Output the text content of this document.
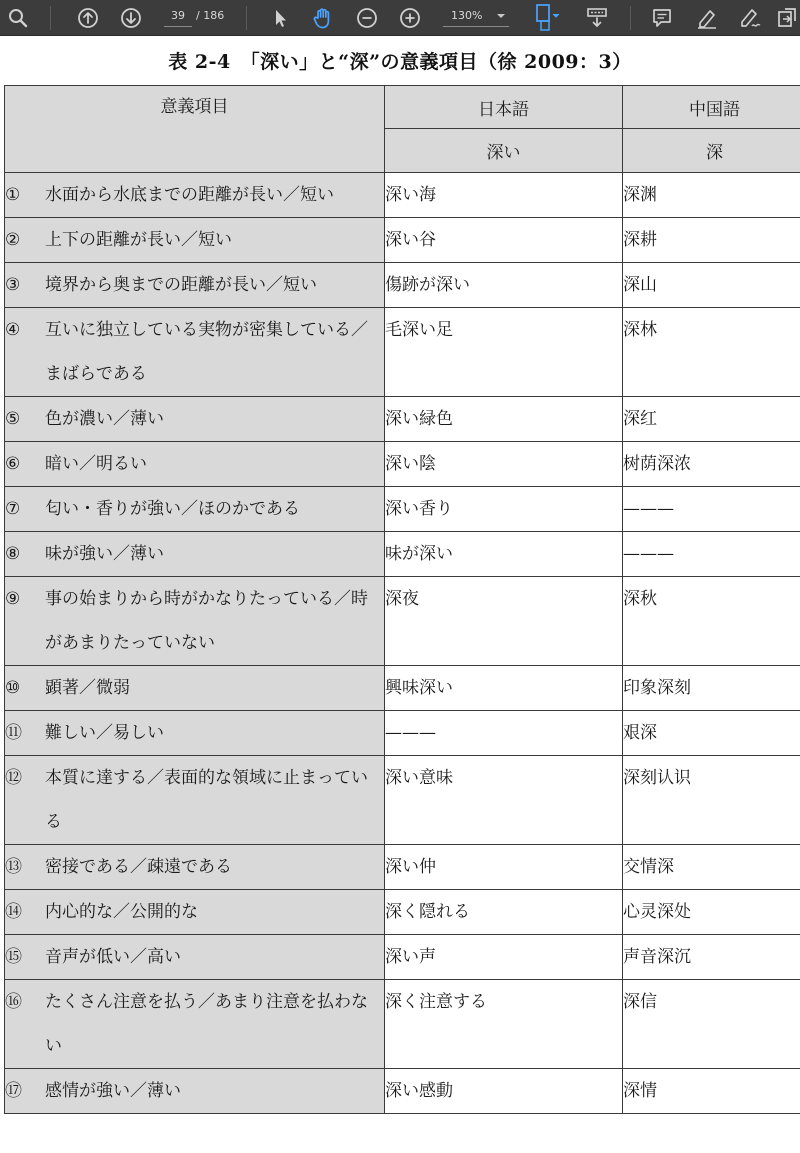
39	/ 186	130%
表 2-4　「深い」と“深”の意義項目（徐 2009：3）
意義項目	日本語	中国語
	深い	深

① 水面から水底までの距離が長い／短い	深い海	深渊

② 上下の距離が長い／短い	深い谷	深耕

③ 境界から奥までの距離が長い／短い	傷跡が深い	深山

④ 互いに独立している実物が密集している／まばらである	毛深い足	深林

⑤ 色が濃い／薄い	深い緑色	深红

⑥ 暗い／明るい	深い陰	树荫深浓

⑦ 匂い・香りが強い／ほのかである	深い香り	———

⑧ 味が強い／薄い	味が深い	———

⑨ 事の始まりから時がかなりたっている／時があまりたっていない	深夜	深秋

⑩ 顕著／微弱	興味深い	印象深刻

⑪ 難しい／易しい	———	艰深

⑫ 本質に達する／表面的な領域に止まっている	深い意味	深刻认识

⑬ 密接である／疎遠である	深い仲	交情深

⑭ 内心的な／公開的な	深く隠れる	心灵深处

⑮ 音声が低い／高い	深い声	声音深沉

⑯ たくさん注意を払う／あまり注意を払わない	深く注意する	深信

⑰ 感情が強い／薄い	深い感動	深情
